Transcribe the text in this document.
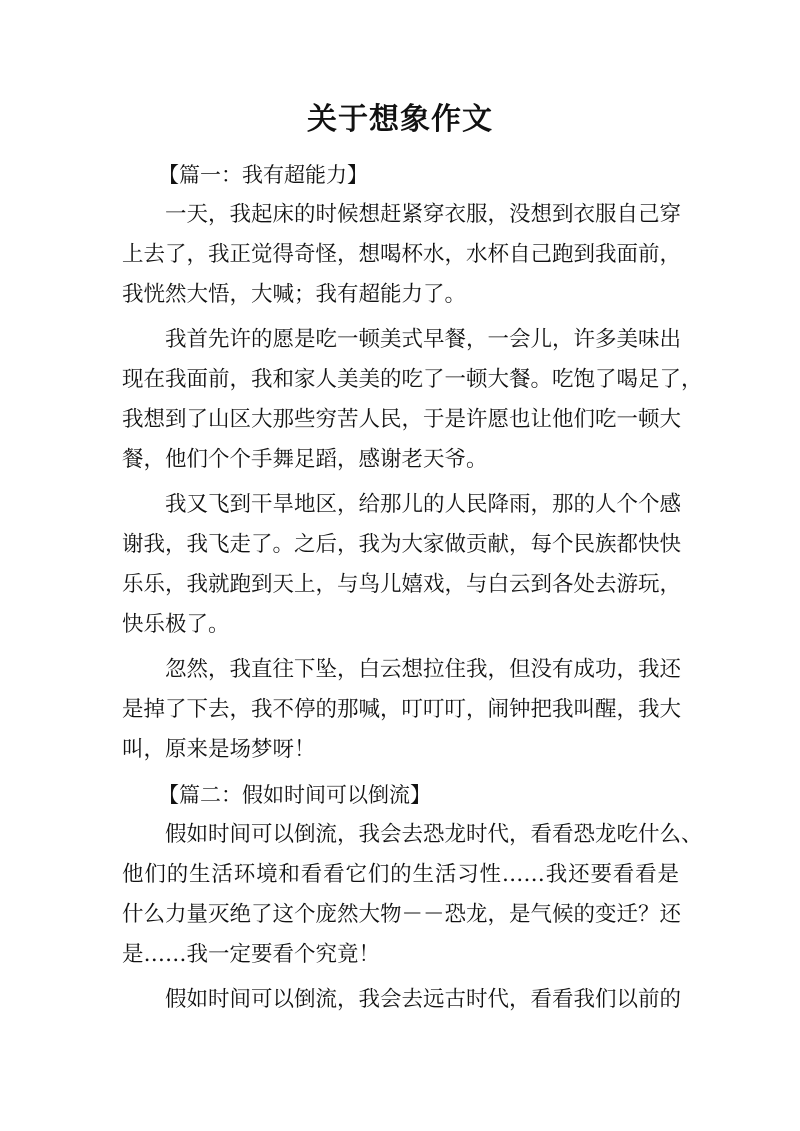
关于想象作文

【篇一：我有超能力】

一天，我起床的时候想赶紧穿衣服，没想到衣服自己穿
上去了，我正觉得奇怪，想喝杯水，水杯自己跑到我面前，
我恍然大悟，大喊；我有超能力了。
我首先许的愿是吃一顿美式早餐，一会儿，许多美味出
现在我面前，我和家人美美的吃了一顿大餐。吃饱了喝足了，
我想到了山区大那些穷苦人民，于是许愿也让他们吃一顿大
餐，他们个个手舞足蹈，感谢老天爷。
我又飞到干旱地区，给那儿的人民降雨，那的人个个感
谢我，我飞走了。之后，我为大家做贡献，每个民族都快快
乐乐，我就跑到天上，与鸟儿嬉戏，与白云到各处去游玩，
快乐极了。
忽然，我直往下坠，白云想拉住我，但没有成功，我还
是掉了下去，我不停的那喊，叮叮叮，闹钟把我叫醒，我大
叫，原来是场梦呀！

【篇二：假如时间可以倒流】

假如时间可以倒流，我会去恐龙时代，看看恐龙吃什么、
他们的生活环境和看看它们的生活习性……我还要看看是
什么力量灭绝了这个庞然大物－－恐龙，是气候的变迁？还
是……我一定要看个究竟！
假如时间可以倒流，我会去远古时代，看看我们以前的
